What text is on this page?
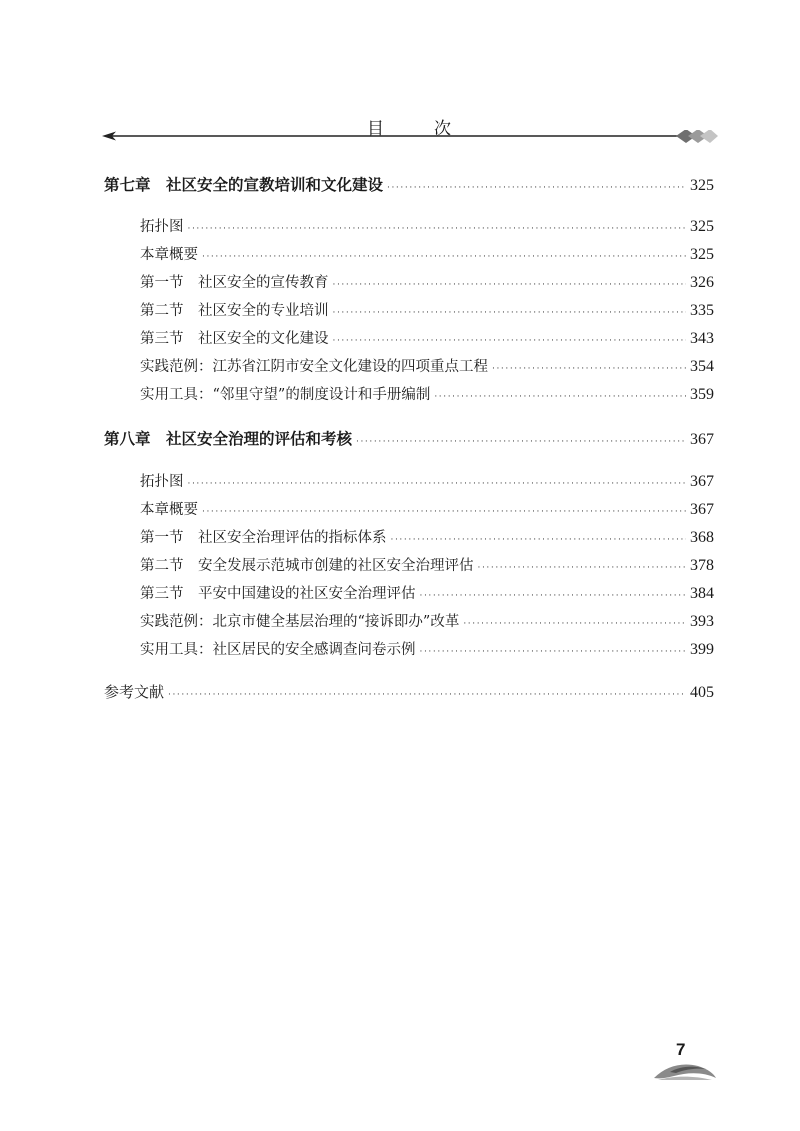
目次
第七章　社区安全的宣教培训和文化建设 ·····	325
拓扑图 ·····	325
本章概要 ·····	325
第一节　社区安全的宣传教育 ·····	326
第二节　社区安全的专业培训 ·····	335
第三节　社区安全的文化建设 ·····	343
实践范例：江苏省江阴市安全文化建设的四项重点工程 ·····	354
实用工具：“邻里守望”的制度设计和手册编制 ·····	359
第八章　社区安全治理的评估和考核 ·····	367
拓扑图 ·····	367
本章概要 ·····	367
第一节　社区安全治理评估的指标体系 ·····	368
第二节　安全发展示范城市创建的社区安全治理评估 ·····	378
第三节　平安中国建设的社区安全治理评估 ·····	384
实践范例：北京市健全基层治理的“接诉即办”改革 ·····	393
实用工具：社区居民的安全感调查问卷示例 ·····	399
参考文献 ·····	405
7
